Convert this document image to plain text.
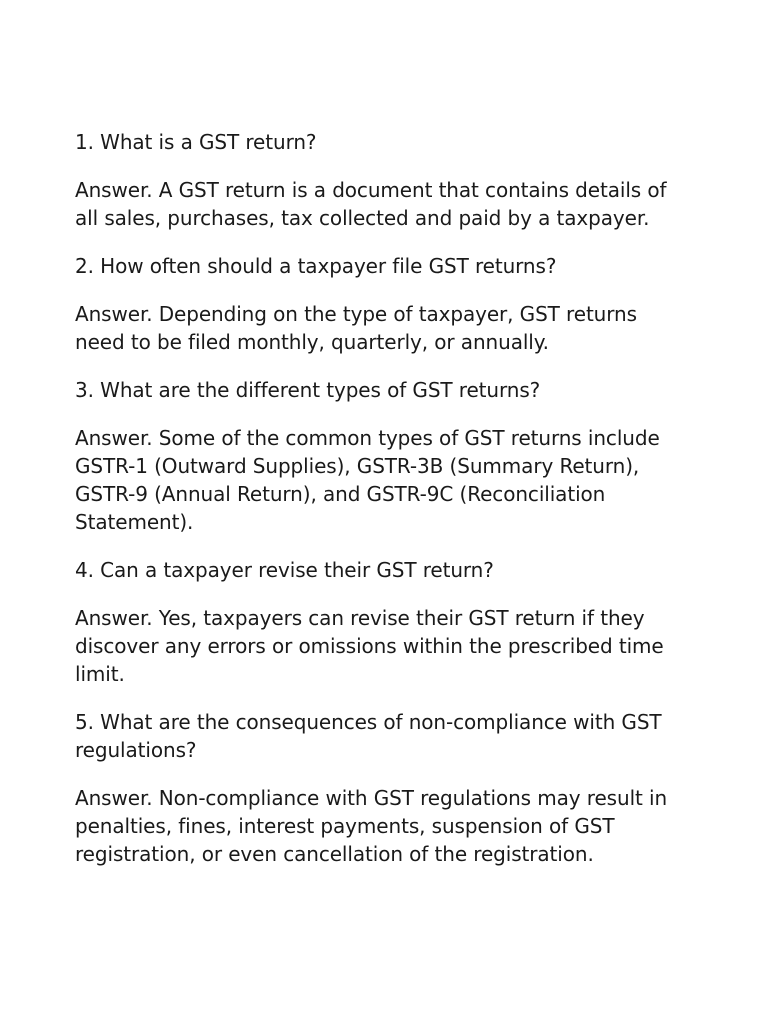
1. What is a GST return?

Answer. A GST return is a document that contains details of
all sales, purchases, tax collected and paid by a taxpayer.

2. How often should a taxpayer file GST returns?

Answer. Depending on the type of taxpayer, GST returns
need to be filed monthly, quarterly, or annually.

3. What are the different types of GST returns?

Answer. Some of the common types of GST returns include
GSTR-1 (Outward Supplies), GSTR-3B (Summary Return),
GSTR-9 (Annual Return), and GSTR-9C (Reconciliation
Statement).

4. Can a taxpayer revise their GST return?

Answer. Yes, taxpayers can revise their GST return if they
discover any errors or omissions within the prescribed time
limit.

5. What are the consequences of non-compliance with GST
regulations?

Answer. Non-compliance with GST regulations may result in
penalties, fines, interest payments, suspension of GST
registration, or even cancellation of the registration.
